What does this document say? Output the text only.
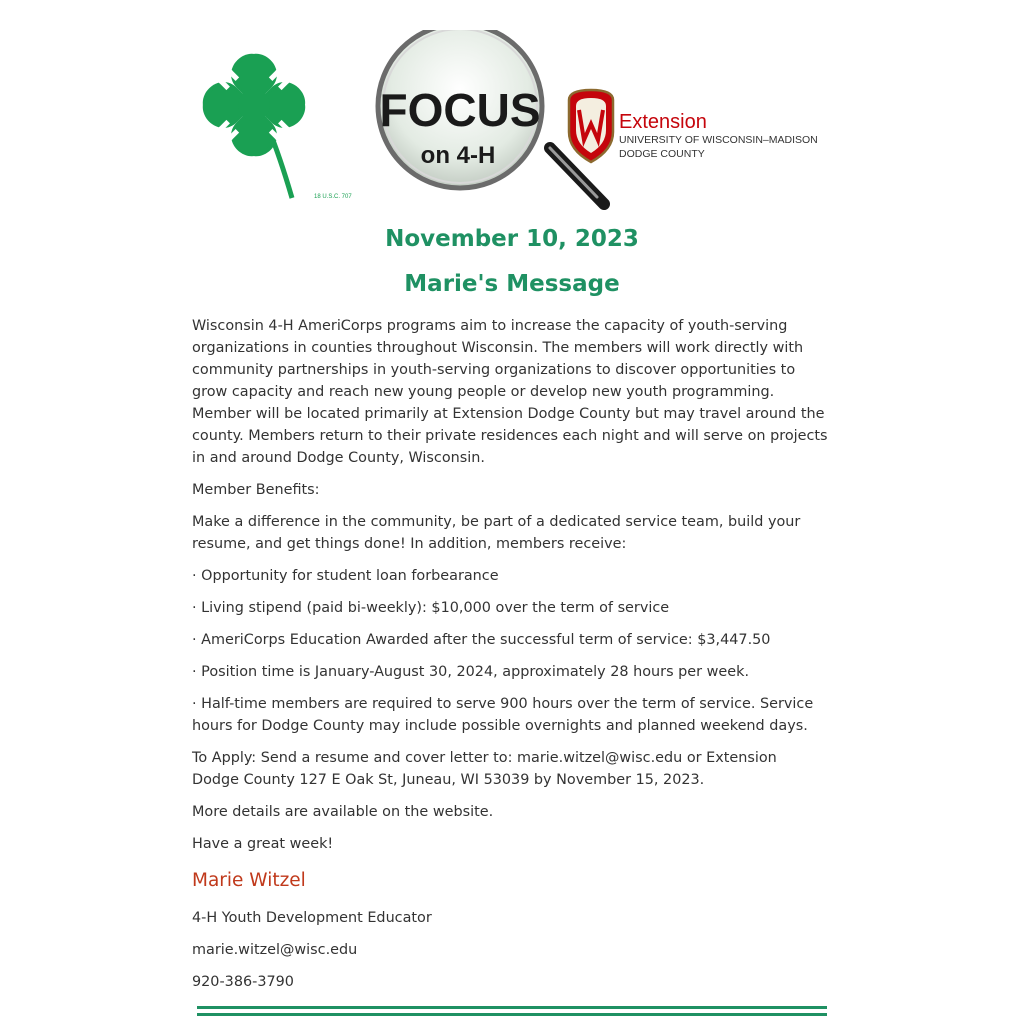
18 U.S.C. 707
FOCUS
on 4-H
Extension
UNIVERSITY OF WISCONSIN–MADISON
DODGE COUNTY
November 10, 2023
Marie's Message

Wisconsin 4-H AmeriCorps programs aim to increase the capacity of youth-serving organizations in counties throughout Wisconsin. The members will work directly with community partnerships in youth-serving organizations to discover opportunities to grow capacity and reach new young people or develop new youth programming. Member will be located primarily at Extension Dodge County but may travel around the county. Members return to their private residences each night and will serve on projects in and around Dodge County, Wisconsin.

Member Benefits:

Make a difference in the community, be part of a dedicated service team, build your resume, and get things done! In addition, members receive:

· Opportunity for student loan forbearance

· Living stipend (paid bi-weekly): $10,000 over the term of service

· AmeriCorps Education Awarded after the successful term of service: $3,447.50

· Position time is January-August 30, 2024, approximately 28 hours per week.

· Half-time members are required to serve 900 hours over the term of service. Service hours for Dodge County may include possible overnights and planned weekend days.

To Apply: Send a resume and cover letter to: marie.witzel@wisc.edu or Extension Dodge County 127 E Oak St, Juneau, WI 53039 by November 15, 2023.

More details are available on the website.

Have a great week!

Marie Witzel

4-H Youth Development Educator

marie.witzel@wisc.edu

920-386-3790
